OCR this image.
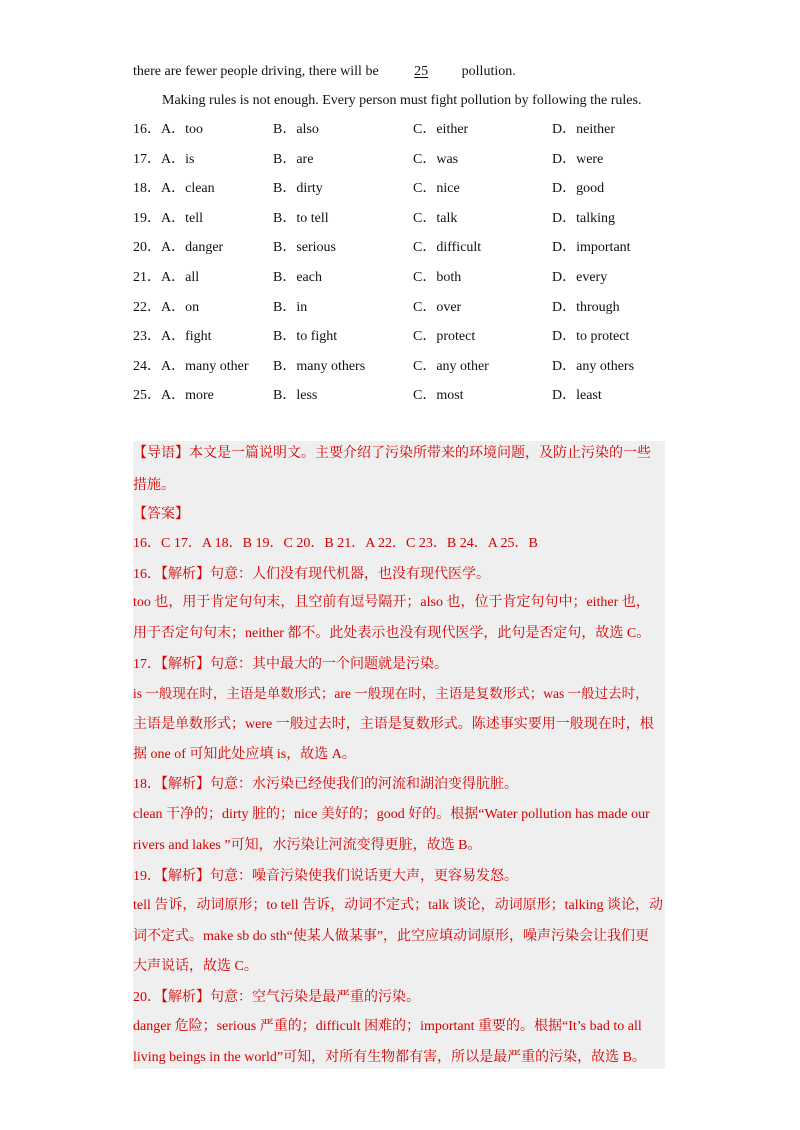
there are fewer people driving, there will be	25 pollution.
Making rules is not enough. Every person must fight pollution by following the rules.
16． A．too	B．also	C．either	D．neither
17． A．is	B．are	C．was	D．were
18． A．clean	B．dirty	C．nice	D．good
19． A．tell	B．to tell	C．talk	D．talking
20． A．danger	B．serious	C．difficult	D．important
21． A．all	B．each	C．both	D．every
22． A．on	B．in	C．over	D．through
23． A．fight	B．to fight	C．protect	D．to protect
24． A．many other B．many others	C．any other	D．any others
25． A．more	B．less	C．most	D．least
【导语】本文是一篇说明文。主要介绍了污染所带来的环境问题，及防止污染的一些
措施。
【答案】
16．C 17．A 18．B 19．C 20．B 21．A 22．C 23．B 24．A 25．B
16．【解析】句意：人们没有现代机器，也没有现代医学。
too 也，用于肯定句句末，且空前有逗号隔开；also 也，位于肯定句句中；either 也，
用于否定句句末；neither 都不。此处表示也没有现代医学，此句是否定句，故选 C。
17．【解析】句意：其中最大的一个问题就是污染。
is 一般现在时，主语是单数形式；are 一般现在时，主语是复数形式；was 一般过去时，
主语是单数形式；were 一般过去时，主语是复数形式。陈述事实要用一般现在时，根
据 one of 可知此处应填 is，故选 A。
18．【解析】句意：水污染已经使我们的河流和湖泊变得肮脏。
clean 干净的；dirty 脏的；nice 美好的；good 好的。根据“Water pollution has made our
rivers and lakes ”可知，水污染让河流变得更脏，故选 B。
19．【解析】句意：噪音污染使我们说话更大声，更容易发怒。
tell 告诉，动词原形；to tell 告诉，动词不定式；talk 谈论，动词原形；talking 谈论，动
词不定式。make sb do sth“使某人做某事”，此空应填动词原形，噪声污染会让我们更
大声说话，故选 C。
20．【解析】句意：空气污染是最严重的污染。
danger 危险；serious 严重的；difficult 困难的；important 重要的。根据“It’s bad to all
living beings in the world”可知，对所有生物都有害，所以是最严重的污染，故选 B。
